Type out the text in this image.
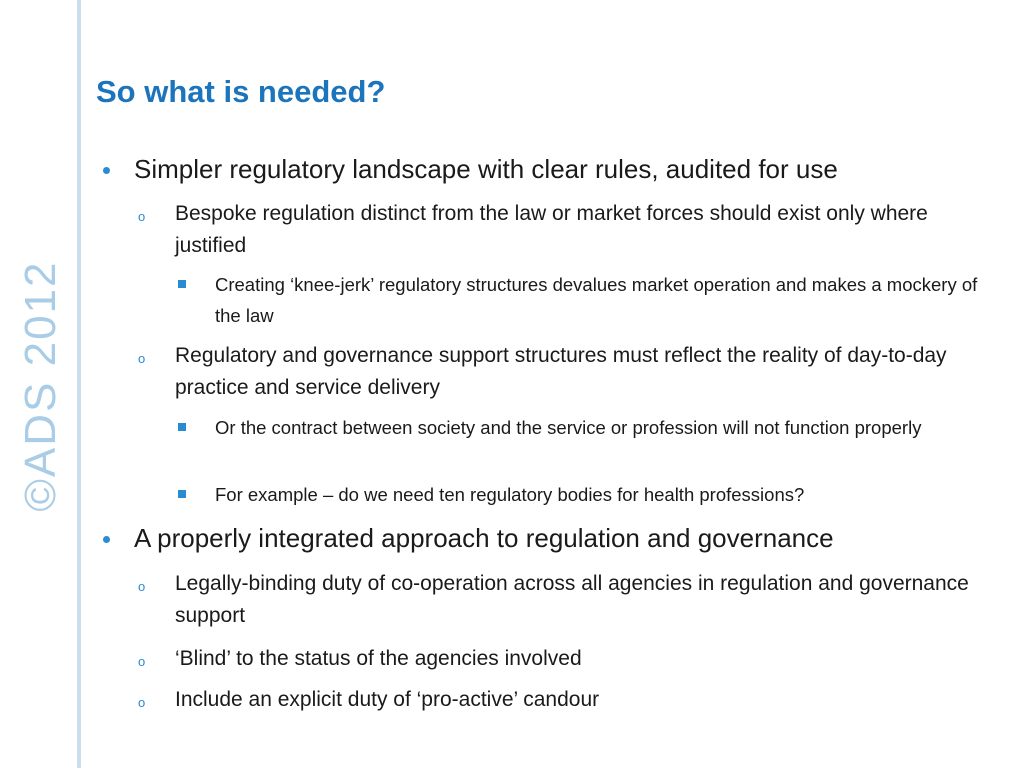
©ADS 2012
So what is needed?
Simpler regulatory landscape with clear rules, audited for use
o Bespoke regulation distinct from the law or market forces should exist only where justified
Creating ‘knee-jerk’ regulatory structures devalues market operation and makes a mockery of the law
o Regulatory and governance support structures must reflect the reality of day-to-day practice and service delivery
Or the contract between society and the service or profession will not function properly
For example – do we need ten regulatory bodies for health professions?
A properly integrated approach to regulation and governance
o Legally-binding duty of co-operation across all agencies in regulation and governance support
o ‘Blind’ to the status of the agencies involved
o Include an explicit duty of ‘pro-active’ candour
